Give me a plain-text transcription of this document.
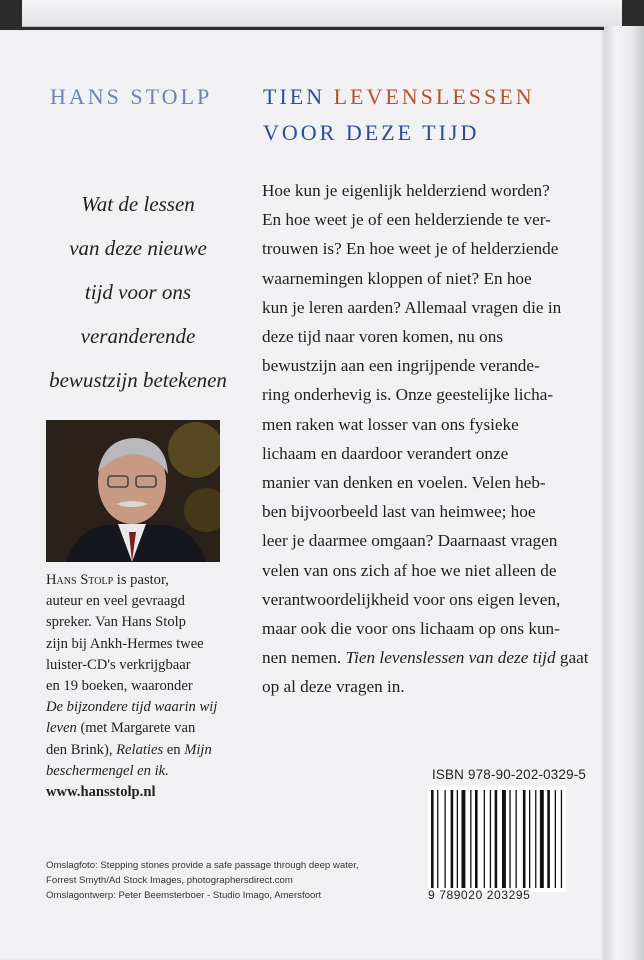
HANS STOLP TIEN LEVENSLESSEN
VOOR DEZE TIJD
Wat de lessen
van deze nieuwe
tijd voor ons
veranderende
bewustzijn betekenen
Hoe kun je eigenlijk helderziend worden?
En hoe weet je of een helderziende te ver-
trouwen is? En hoe weet je of helderziende
waarnemingen kloppen of niet? En hoe
kun je leren aarden? Allemaal vragen die in
deze tijd naar voren komen, nu ons
bewustzijn aan een ingrijpende verande-
ring onderhevig is. Onze geestelijke licha-
men raken wat losser van ons fysieke
lichaam en daardoor verandert onze
manier van denken en voelen. Velen heb-
ben bijvoorbeeld last van heimwee; hoe
leer je daarmee omgaan? Daarnaast vragen
velen van ons zich af hoe we niet alleen de
verantwoordelijkheid voor ons eigen leven,
maar ook die voor ons lichaam op ons kun-
nen nemen. Tien levenslessen van deze tijd gaat
op al deze vragen in.
Hans Stolp is pastor,
auteur en veel gevraagd
spreker. Van Hans Stolp
zijn bij Ankh-Hermes twee
luister-CD's verkrijgbaar
en 19 boeken, waaronder
De bijzondere tijd waarin wij
leven (met Margarete van
den Brink), Relaties en Mijn
beschermengel en ik.
www.hansstolp.nl
Omslagfoto: Stepping stones provide a safe passage through deep water,
Forrest Smyth/Ad Stock Images, photographersdirect.com
Omslagontwerp: Peter Beemsterboer - Studio Imago, Amersfoort
ISBN 978-90-202-0329-5
9 789020 203295
